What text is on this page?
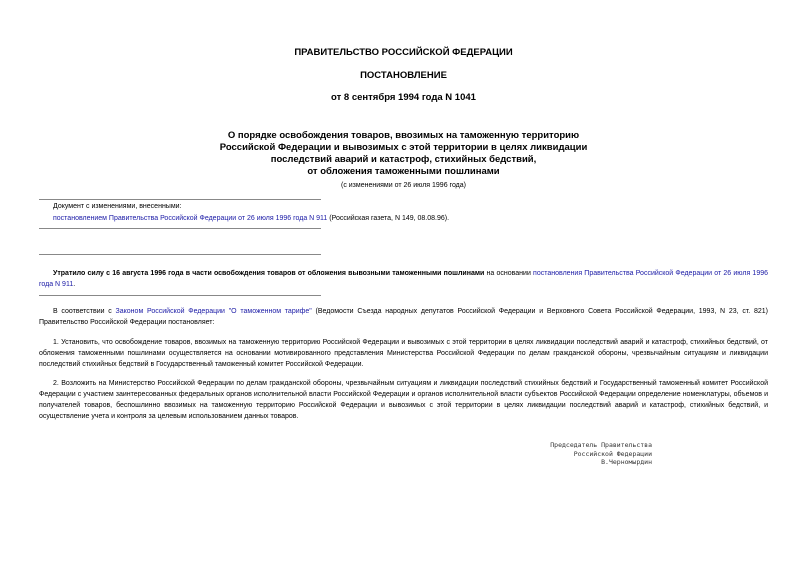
ПРАВИТЕЛЬСТВО РОССИЙСКОЙ ФЕДЕРАЦИИ
ПОСТАНОВЛЕНИЕ
от 8 сентября 1994 года N 1041
О порядке освобождения товаров, ввозимых на таможенную территорию
Российской Федерации и вывозимых с этой территории в целях ликвидации
последствий аварий и катастроф, стихийных бедствий,
от обложения таможенными пошлинами
(с изменениями от 26 июля 1996 года)
Документ с изменениями, внесенными:
постановлением Правительства Российской Федерации от 26 июля 1996 года N 911 (Российская газета, N 149, 08.08.96).
Утратило силу с 16 августа 1996 года в части освобождения товаров от обложения вывозными таможенными пошлинами на основании постановления Правительства Российской Федерации от 26 июля 1996 года N 911.
В соответствии с Законом Российской Федерации "О таможенном тарифе" (Ведомости Съезда народных депутатов Российской Федерации и Верховного Совета Российской Федерации, 1993, N 23, ст. 821) Правительство Российской Федерации постановляет:
1. Установить, что освобождение товаров, ввозимых на таможенную территорию Российской Федерации и вывозимых с этой территории в целях ликвидации последствий аварий и катастроф, стихийных бедствий, от обложения таможенными пошлинами осуществляется на основании мотивированного представления Министерства Российской Федерации по делам гражданской обороны, чрезвычайным ситуациям и ликвидации последствий стихийных бедствий в Государственный таможенный комитет Российской Федерации.
2. Возложить на Министерство Российской Федерации по делам гражданской обороны, чрезвычайным ситуациям и ликвидации последствий стихийных бедствий и Государственный таможенный комитет Российской Федерации с участием заинтересованных федеральных органов исполнительной власти Российской Федерации и органов исполнительной власти субъектов Российской Федерации определение номенклатуры, объемов и получателей товаров, беспошлинно ввозимых на таможенную территорию Российской Федерации и вывозимых с этой территории в целях ликвидации последствий аварий и катастроф, стихийных бедствий, и осуществление учета и контроля за целевым использованием данных товаров.
Председатель Правительства
Российской Федерации
В.Черномырдин
